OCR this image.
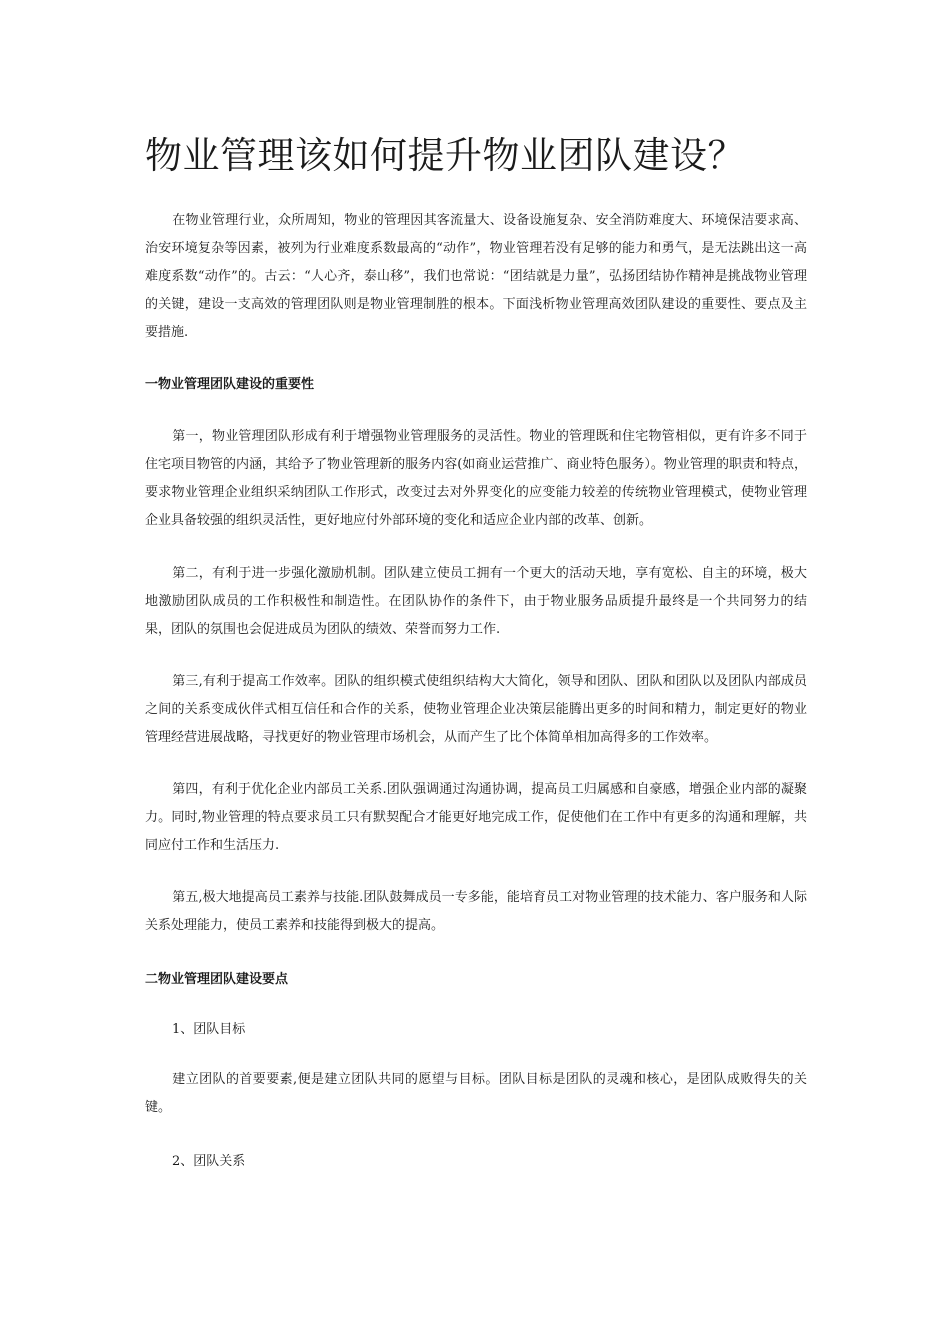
物业管理该如何提升物业团队建设？

在物业管理行业，众所周知，物业的管理因其客流量大、设备设施复杂、安全消防难度大、环境保洁要求高、治安环境复杂等因素，被列为行业难度系数最高的“动作”，物业管理若没有足够的能力和勇气，是无法跳出这一高难度系数“动作”的。古云：“人心齐，泰山移”，我们也常说：“团结就是力量”，弘扬团结协作精神是挑战物业管理的关键，建设一支高效的管理团队则是物业管理制胜的根本。下面浅析物业管理高效团队建设的重要性、要点及主要措施.

一物业管理团队建设的重要性

第一，物业管理团队形成有利于增强物业管理服务的灵活性。物业的管理既和住宅物管相似，更有许多不同于住宅项目物管的内涵，其给予了物业管理新的服务内容(如商业运营推广、商业特色服务）。物业管理的职责和特点，要求物业管理企业组织采纳团队工作形式，改变过去对外界变化的应变能力较差的传统物业管理模式，使物业管理企业具备较强的组织灵活性，更好地应付外部环境的变化和适应企业内部的改革、创新。

第二，有利于进一步强化激励机制。团队建立使员工拥有一个更大的活动天地，享有宽松、自主的环境，极大地激励团队成员的工作积极性和制造性。在团队协作的条件下，由于物业服务品质提升最终是一个共同努力的结果，团队的氛围也会促进成员为团队的绩效、荣誉而努力工作.

第三,有利于提高工作效率。团队的组织模式使组织结构大大简化，领导和团队、团队和团队以及团队内部成员之间的关系变成伙伴式相互信任和合作的关系，使物业管理企业决策层能腾出更多的时间和精力，制定更好的物业管理经营进展战略，寻找更好的物业管理市场机会，从而产生了比个体简单相加高得多的工作效率。

第四，有利于优化企业内部员工关系.团队强调通过沟通协调，提高员工归属感和自豪感，增强企业内部的凝聚力。同时,物业管理的特点要求员工只有默契配合才能更好地完成工作，促使他们在工作中有更多的沟通和理解，共同应付工作和生活压力.

第五,极大地提高员工素养与技能.团队鼓舞成员一专多能，能培育员工对物业管理的技术能力、客户服务和人际关系处理能力，使员工素养和技能得到极大的提高。

二物业管理团队建设要点

1、团队目标

建立团队的首要要素,便是建立团队共同的愿望与目标。团队目标是团队的灵魂和核心，是团队成败得失的关键。

2、团队关系
